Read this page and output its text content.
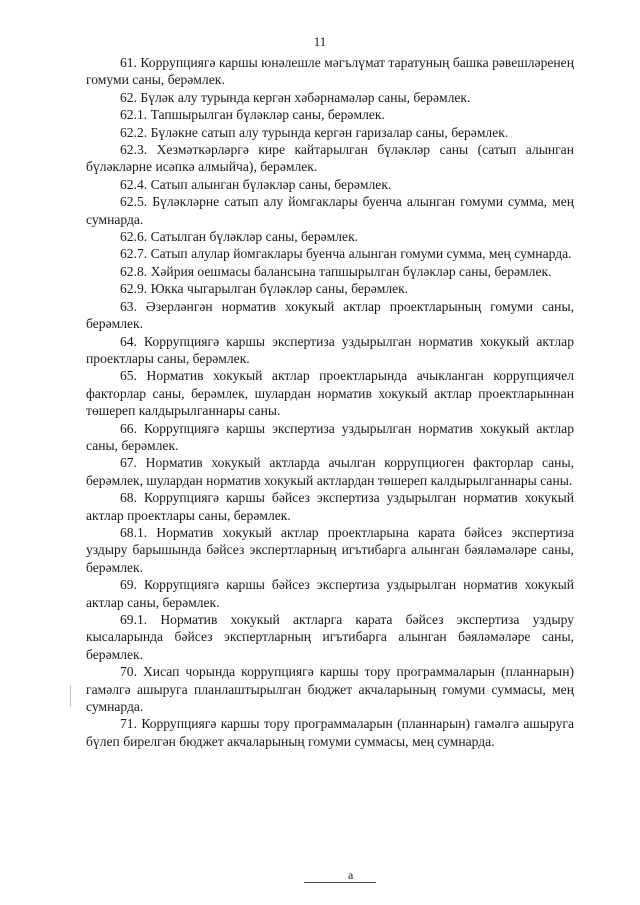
11

61. Коррупциягә каршы юнәлешле мәгълүмат таратуның башка рәвешләренең гомуми саны, берәмлек.

62. Бүләк алу турында кергән хәбәрнамәләр саны, берәмлек.

62.1. Тапшырылган бүләкләр саны, берәмлек.

62.2. Бүләкне сатып алу турында кергән гаризалар саны, берәмлек.

62.3. Хезмәткәрләргә кире кайтарылган бүләкләр саны (сатып алынган бүләкләрне исәпкә алмыйча), берәмлек.

62.4. Сатып алынган бүләкләр саны, берәмлек.

62.5. Бүләкләрне сатып алу йомгаклары буенча алынган гомуми сумма, мең сумнарда.

62.6. Сатылган бүләкләр саны, берәмлек.

62.7. Сатып алулар йомгаклары буенча алынган гомуми сумма, мең сумнарда.

62.8. Хәйрия оешмасы балансына тапшырылган бүләкләр саны, берәмлек.

62.9. Юкка чыгарылган бүләкләр саны, берәмлек.

63. Әзерләнгән норматив хокукый актлар проектларының гомуми саны, берәмлек.

64. Коррупциягә каршы экспертиза уздырылган норматив хокукый актлар проектлары саны, берәмлек.

65. Норматив хокукый актлар проектларында ачыкланган коррупциячел факторлар саны, берәмлек, шулардан норматив хокукый актлар проектларыннан төшереп калдырылганнары саны.

66. Коррупциягә каршы экспертиза уздырылган норматив хокукый актлар саны, берәмлек.

67. Норматив хокукый актларда ачылган коррупциоген факторлар саны, берәмлек, шулардан норматив хокукый актлардан төшереп калдырылганнары саны.

68. Коррупциягә каршы бәйсез экспертиза уздырылган норматив хокукый актлар проектлары саны, берәмлек.

68.1. Норматив хокукый актлар проектларына карата бәйсез экспертиза уздыру барышында бәйсез экспертларның игътибарга алынган бәяләмәләре саны, берәмлек.

69. Коррупциягә каршы бәйсез экспертиза уздырылган норматив хокукый актлар саны, берәмлек.

69.1. Норматив хокукый актларга карата бәйсез экспертиза уздыру кысаларында бәйсез экспертларның игътибарга алынган бәяләмәләре саны, берәмлек.

70. Хисап чорында коррупциягә каршы тору программаларын (планнарын) гамәлгә ашыруга планлаштырылган бюджет акчаларының гомуми суммасы, мең сумнарда.

71. Коррупциягә каршы тору программаларын (планнарын) гамәлгә ашыруга бүлеп бирелгән бюджет акчаларының гомуми суммасы, мең сумнарда.

a
